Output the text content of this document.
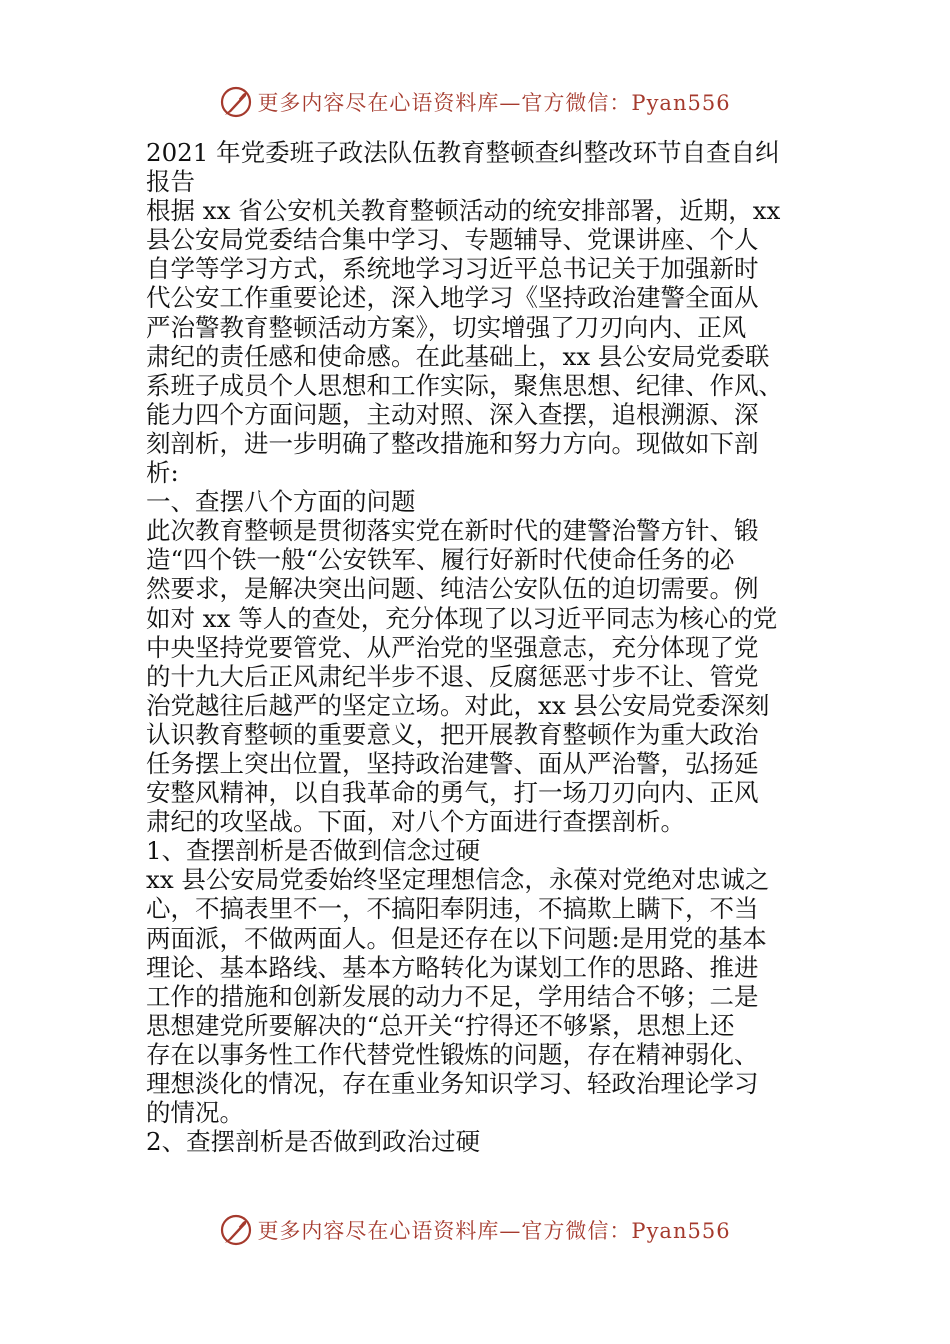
更多内容尽在心语资料库—官方微信：Pyan556
2021 年党委班子政法队伍教育整顿查纠整改环节自查自纠
报告
根据 xx 省公安机关教育整顿活动的统安排部署，近期，xx
县公安局党委结合集中学习、专题辅导、党课讲座、个人
自学等学习方式，系统地学习习近平总书记关于加强新时
代公安工作重要论述，深入地学习《坚持政治建警全面从
严治警教育整顿活动方案》，切实增强了刀刃向内、正风
肃纪的责任感和使命感。在此基础上，xx 县公安局党委联
系班子成员个人思想和工作实际，聚焦思想、纪律、作风、
能力四个方面问题，主动对照、深入查摆，追根溯源、深
刻剖析，进一步明确了整改措施和努力方向。现做如下剖
析:
一、查摆八个方面的问题
此次教育整顿是贯彻落实党在新时代的建警治警方针、锻
造“四个铁一般“公安铁军、履行好新时代使命任务的必
然要求，是解决突出问题、纯洁公安队伍的迫切需要。例
如对 xx 等人的查处，充分体现了以习近平同志为核心的党
中央坚持党要管党、从严治党的坚强意志，充分体现了党
的十九大后正风肃纪半步不退、反腐惩恶寸步不让、管党
治党越往后越严的坚定立场。对此，xx 县公安局党委深刻
认识教育整顿的重要意义，把开展教育整顿作为重大政治
任务摆上突出位置，坚持政治建警、面从严治警，弘扬延
安整风精神，以自我革命的勇气，打一场刀刃向内、正风
肃纪的攻坚战。下面，对八个方面进行查摆剖析。
1、查摆剖析是否做到信念过硬
xx 县公安局党委始终坚定理想信念，永葆对党绝对忠诚之
心，不搞表里不一，不搞阳奉阴违，不搞欺上瞒下，不当
两面派，不做两面人。但是还存在以下问题:是用党的基本
理论、基本路线、基本方略转化为谋划工作的思路、推进
工作的措施和创新发展的动力不足，学用结合不够；二是
思想建党所要解决的“总开关“拧得还不够紧，思想上还
存在以事务性工作代替党性锻炼的问题，存在精神弱化、
理想淡化的情况，存在重业务知识学习、轻政治理论学习
的情况。
2、查摆剖析是否做到政治过硬
更多内容尽在心语资料库—官方微信：Pyan556
